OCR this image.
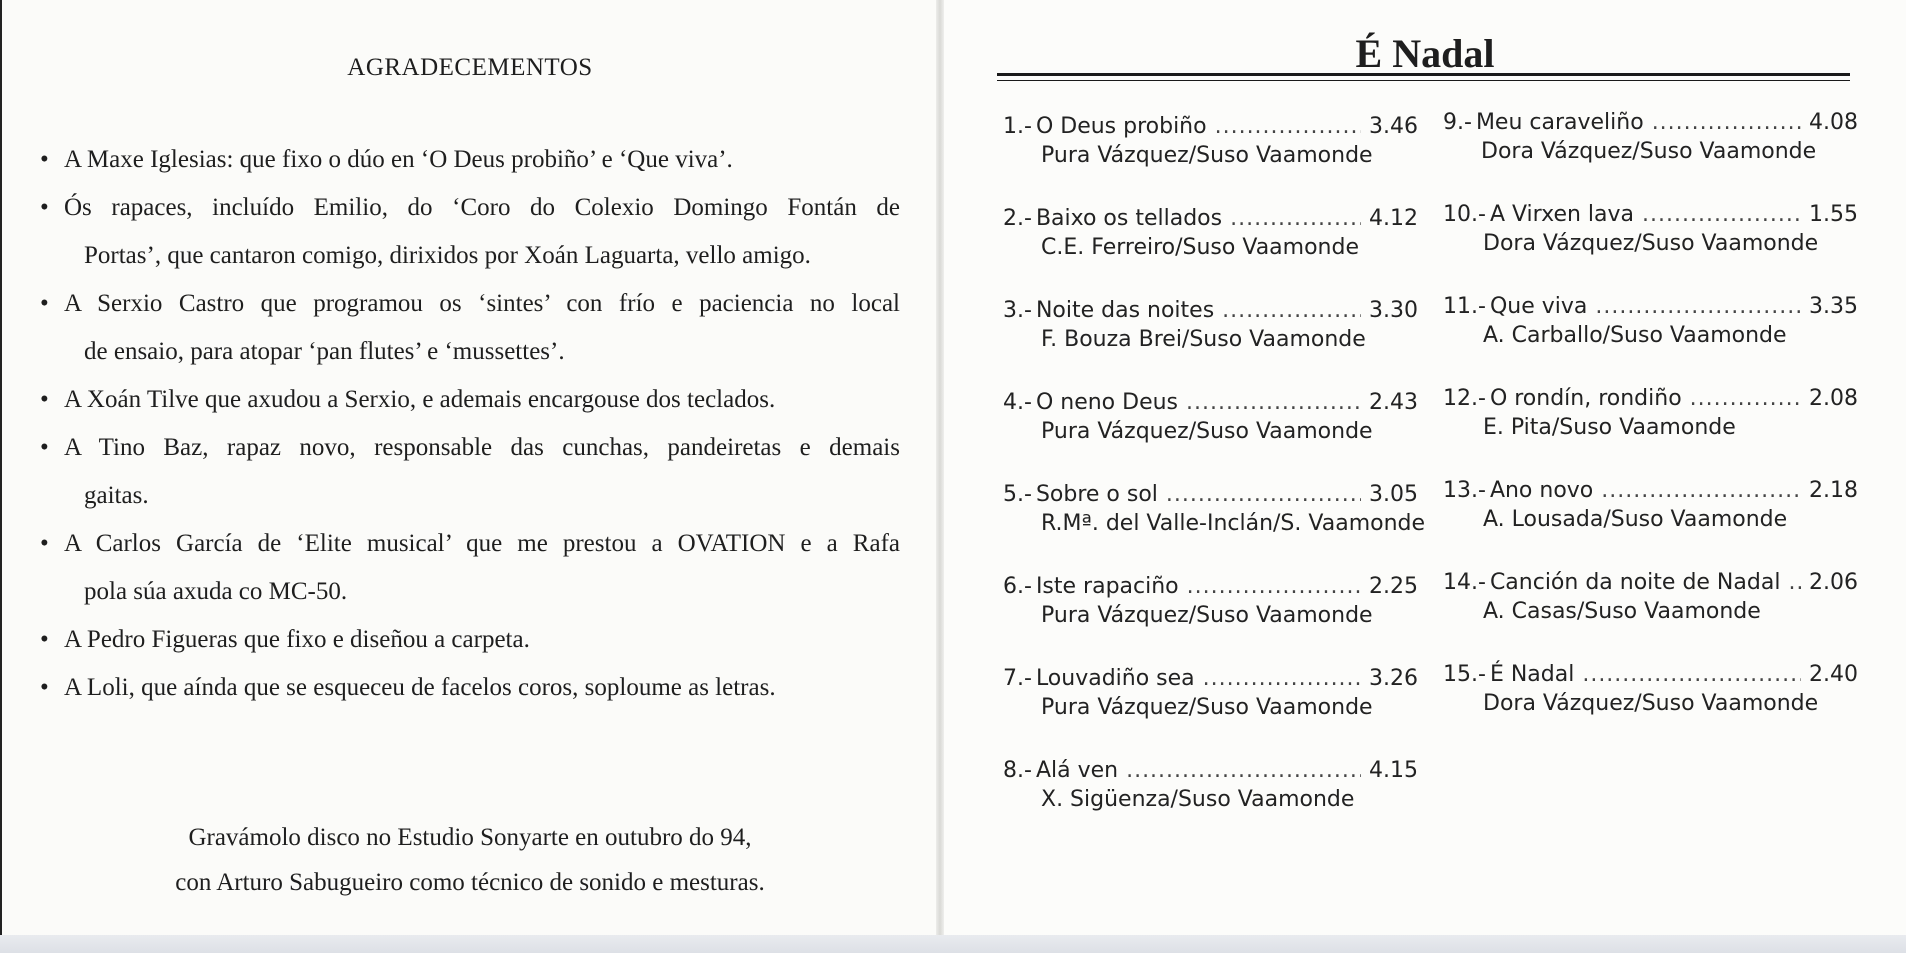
AGRADECEMENTOS
• A Maxe Iglesias: que fixo o dúo en ‘O Deus probiño’ e ‘Que viva’.
• Ós rapaces, incluído Emilio, do ‘Coro do Colexio Domingo Fontán de
Portas’, que cantaron comigo, dirixidos por Xoán Laguarta, vello amigo.
• A Serxio Castro que programou os ‘sintes’ con frío e paciencia no local
de ensaio, para atopar ‘pan flutes’ e ‘mussettes’.
• A Xoán Tilve que axudou a Serxio, e ademais encargouse dos teclados.
• A Tino Baz, rapaz novo, responsable das cunchas, pandeiretas e demais
gaitas.
• A Carlos García de ‘Elite musical’ que me prestou a OVATION e a Rafa
pola súa axuda co MC-50.
• A Pedro Figueras que fixo e diseñou a carpeta.
• A Loli, que aínda que se esqueceu de facelos coros, soploume as letras.
Gravámolo disco no Estudio Sonyarte en outubro do 94,
con Arturo Sabugueiro como técnico de sonido e mesturas.
É Nadal
1.- O Deus probiño .....	3.46
Pura Vázquez/Suso Vaamonde
2.- Baixo os tellados .....	4.12
C.E. Ferreiro/Suso Vaamonde
3.- Noite das noites .....	3.30
F. Bouza Brei/Suso Vaamonde
4.- O neno Deus .....	2.43
Pura Vázquez/Suso Vaamonde
5.- Sobre o sol .....	3.05
R.Mª. del Valle-Inclán/S. Vaamonde
6.- Iste rapaciño .....	2.25
Pura Vázquez/Suso Vaamonde
7.- Louvadiño sea .....	3.26
Pura Vázquez/Suso Vaamonde
8.- Alá ven .....	4.15
X. Sigüenza/Suso Vaamonde
9.- Meu caraveliño .....	4.08
Dora Vázquez/Suso Vaamonde
10.- A Virxen lava .....	1.55
Dora Vázquez/Suso Vaamonde
11.- Que viva .....	3.35
A. Carballo/Suso Vaamonde
12.- O rondín, rondiño .....	2.08
E. Pita/Suso Vaamonde
13.- Ano novo .....	2.18
A. Lousada/Suso Vaamonde
14.- Canción da noite de Nadal ..... 2.06
A. Casas/Suso Vaamonde
15.- É Nadal .....	2.40
Dora Vázquez/Suso Vaamonde
